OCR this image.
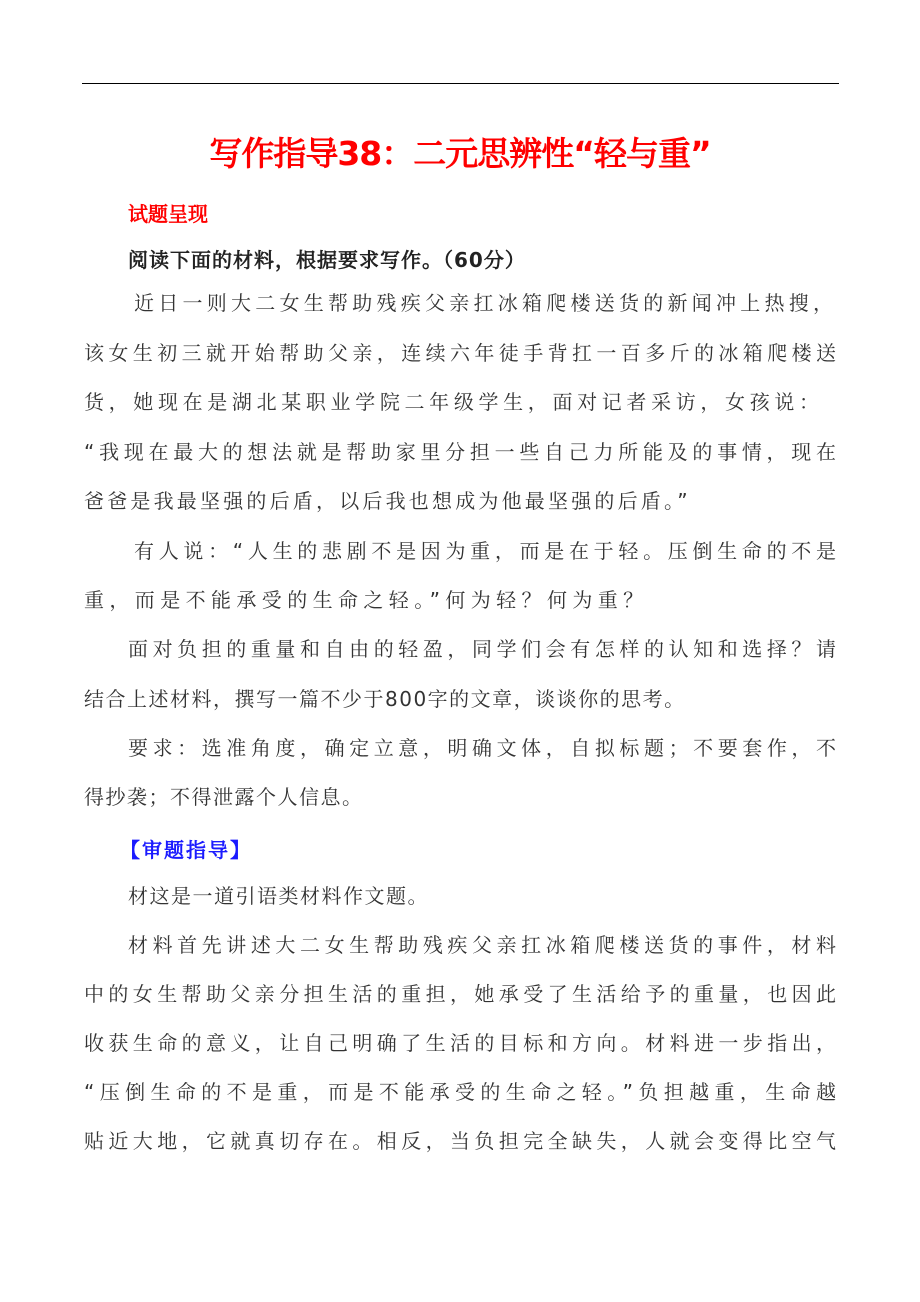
写作指导38：二元思辨性“轻与重”
试题呈现
阅读下面的材料，根据要求写作。（60分）
近日一则大二女生帮助残疾父亲扛冰箱爬楼送货的新闻冲上热搜，
该女生初三就开始帮助父亲，连续六年徒手背扛一百多斤的冰箱爬楼送
货，她现在是湖北某职业学院二年级学生，面对记者采访，女孩说：
“我现在最大的想法就是帮助家里分担一些自己力所能及的事情，现在
爸爸是我最坚强的后盾，以后我也想成为他最坚强的后盾。”
有人说：“人生的悲剧不是因为重，而是在于轻。压倒生命的不是
重，而是不能承受的生命之轻。”何为轻？何为重？
面对负担的重量和自由的轻盈，同学们会有怎样的认知和选择？请
结合上述材料，撰写一篇不少于800字的文章，谈谈你的思考。
要求：选准角度，确定立意，明确文体，自拟标题；不要套作，不
得抄袭；不得泄露个人信息。
【审题指导】
材这是一道引语类材料作文题。
材料首先讲述大二女生帮助残疾父亲扛冰箱爬楼送货的事件，材料
中的女生帮助父亲分担生活的重担，她承受了生活给予的重量，也因此
收获生命的意义，让自己明确了生活的目标和方向。材料进一步指出，
“压倒生命的不是重，而是不能承受的生命之轻。”负担越重，生命越
贴近大地，它就真切存在。相反，当负担完全缺失，人就会变得比空气
